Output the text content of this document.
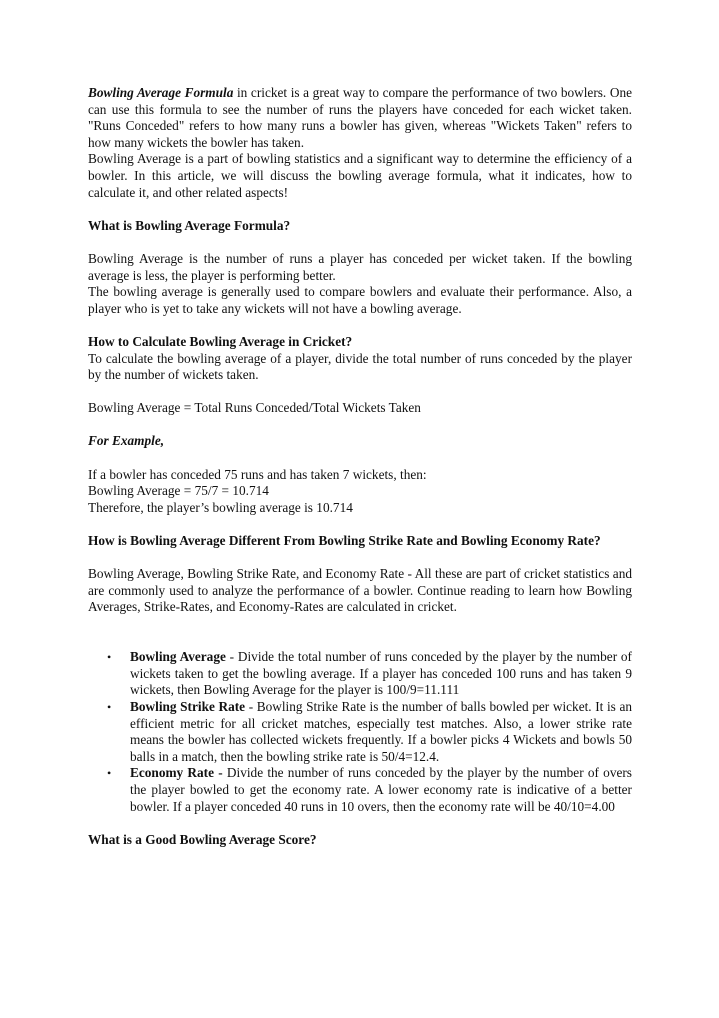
Bowling Average Formula in cricket is a great way to compare the performance of two bowlers. One can use this formula to see the number of runs the players have conceded for each wicket taken. "Runs Conceded" refers to how many runs a bowler has given, whereas "Wickets Taken" refers to how many wickets the bowler has taken.

Bowling Average is a part of bowling statistics and a significant way to determine the efficiency of a bowler. In this article, we will discuss the bowling average formula, what it indicates, how to calculate it, and other related aspects!

What is Bowling Average Formula?

Bowling Average is the number of runs a player has conceded per wicket taken. If the bowling average is less, the player is performing better.

The bowling average is generally used to compare bowlers and evaluate their performance. Also, a player who is yet to take any wickets will not have a bowling average.

How to Calculate Bowling Average in Cricket?

To calculate the bowling average of a player, divide the total number of runs conceded by the player by the number of wickets taken.

Bowling Average = Total Runs Conceded/Total Wickets Taken

For Example,

If a bowler has conceded 75 runs and has taken 7 wickets, then:

Bowling Average = 75/7 = 10.714

Therefore, the player’s bowling average is 10.714

How is Bowling Average Different From Bowling Strike Rate and Bowling Economy Rate?

Bowling Average, Bowling Strike Rate, and Economy Rate - All these are part of cricket statistics and are commonly used to analyze the performance of a bowler. Continue reading to learn how Bowling Averages, Strike-Rates, and Economy-Rates are calculated in cricket.

• Bowling Average - Divide the total number of runs conceded by the player by the number of wickets taken to get the bowling average. If a player has conceded 100 runs and has taken 9 wickets, then Bowling Average for the player is 100/9=11.111
• Bowling Strike Rate - Bowling Strike Rate is the number of balls bowled per wicket. It is an efficient metric for all cricket matches, especially test matches. Also, a lower strike rate means the bowler has collected wickets frequently. If a bowler picks 4 Wickets and bowls 50 balls in a match, then the bowling strike rate is 50/4=12.4.
• Economy Rate - Divide the number of runs conceded by the player by the number of overs the player bowled to get the economy rate. A lower economy rate is indicative of a better bowler. If a player conceded 40 runs in 10 overs, then the economy rate will be 40/10=4.00

What is a Good Bowling Average Score?
